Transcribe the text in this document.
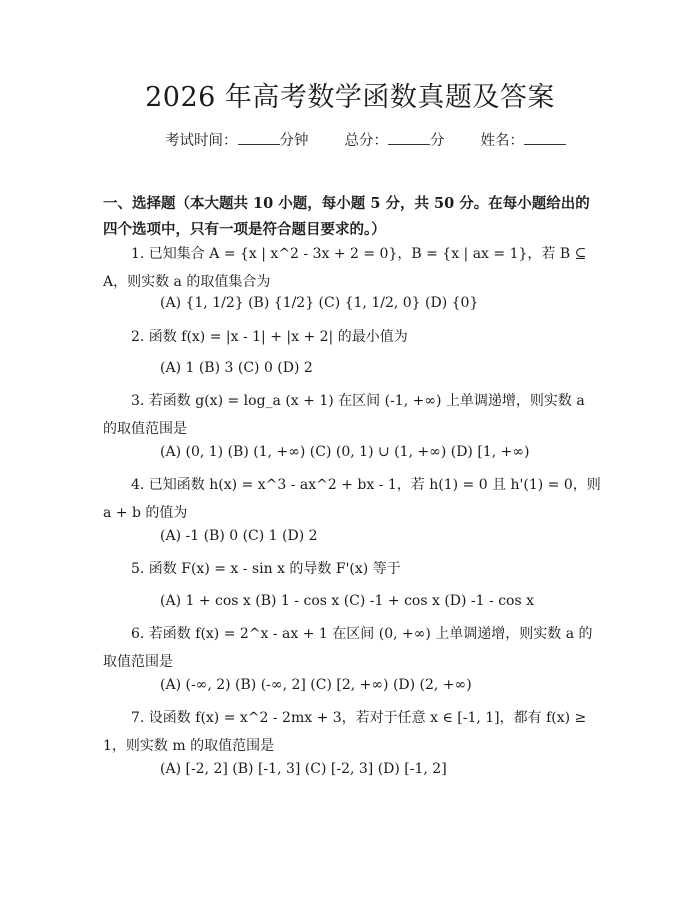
2026 年高考数学函数真题及答案
考试时间：	分钟 总分：	分 姓名：
一、选择题（本大题共 10 小题，每小题 5 分，共 50 分。在每小题给出的四个选项中，只有一项是符合题目要求的。）
1. 已知集合 A = {x | x^2 - 3x + 2 = 0}，B = {x | ax = 1}，若 B ⊆ A，则实数 a 的取值集合为
(A) {1, 1/2} (B) {1/2} (C) {1, 1/2, 0} (D) {0}
2. 函数 f(x) = |x - 1| + |x + 2| 的最小值为
(A) 1 (B) 3 (C) 0 (D) 2
3. 若函数 g(x) = log_a (x + 1) 在区间 (-1, +∞) 上单调递增，则实数 a 的取值范围是
(A) (0, 1) (B) (1, +∞) (C) (0, 1) ∪ (1, +∞) (D) [1, +∞)
4. 已知函数 h(x) = x^3 - ax^2 + bx - 1，若 h(1) = 0 且 h'(1) = 0，则 a + b 的值为
(A) -1 (B) 0 (C) 1 (D) 2
5. 函数 F(x) = x - sin x 的导数 F'(x) 等于
(A) 1 + cos x (B) 1 - cos x (C) -1 + cos x (D) -1 - cos x
6. 若函数 f(x) = 2^x - ax + 1 在区间 (0, +∞) 上单调递增，则实数 a 的取值范围是
(A) (-∞, 2) (B) (-∞, 2] (C) [2, +∞) (D) (2, +∞)
7. 设函数 f(x) = x^2 - 2mx + 3，若对于任意 x ∈ [-1, 1]，都有 f(x) ≥ 1，则实数 m 的取值范围是
(A) [-2, 2] (B) [-1, 3] (C) [-2, 3] (D) [-1, 2]
